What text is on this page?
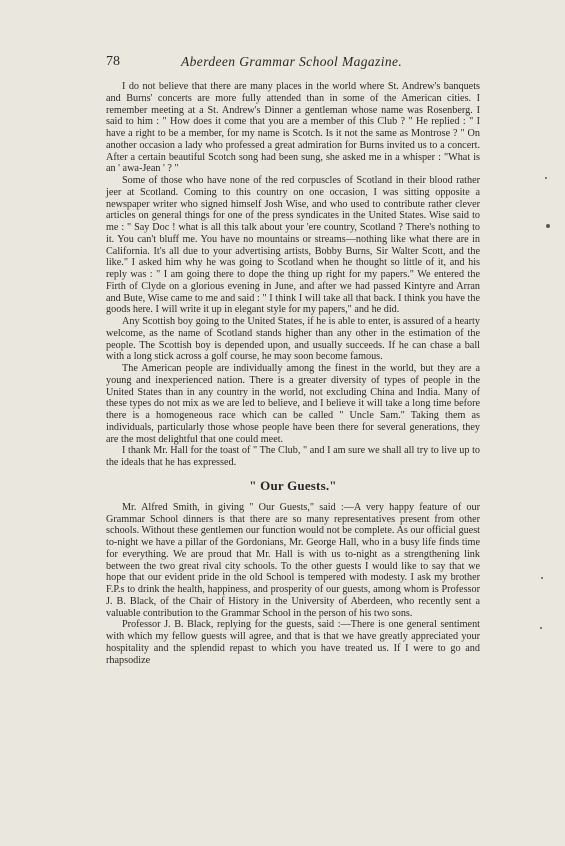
78	Aberdeen Grammar School Magazine.

I do not believe that there are many places in the world where St. Andrew's banquets and Burns' concerts are more fully attended than in some of the American cities. I remember meeting at a St. Andrew's Dinner a gentleman whose name was Rosenberg. I said to him : " How does it come that you are a member of this Club ? " He replied : " I have a right to be a member, for my name is Scotch. Is it not the same as Montrose ? " On another occasion a lady who professed a great admiration for Burns invited us to a concert. After a certain beautiful Scotch song had been sung, she asked me in a whisper : "What is an ' awa-Jean ' ? "

Some of those who have none of the red corpuscles of Scotland in their blood rather jeer at Scotland. Coming to this country on one occasion, I was sitting opposite a newspaper writer who signed himself Josh Wise, and who used to contribute rather clever articles on general things for one of the press syndicates in the United States. Wise said to me : " Say Doc ! what is all this talk about your 'ere country, Scotland ? There's nothing to it. You can't bluff me. You have no mountains or streams—nothing like what there are in California. It's all due to your advertising artists, Bobby Burns, Sir Walter Scott, and the like." I asked him why he was going to Scotland when he thought so little of it, and his reply was : " I am going there to dope the thing up right for my papers." We entered the Firth of Clyde on a glorious evening in June, and after we had passed Kintyre and Arran and Bute, Wise came to me and said : " I think I will take all that back. I think you have the goods here. I will write it up in elegant style for my papers," and he did.

Any Scottish boy going to the United States, if he is able to enter, is assured of a hearty welcome, as the name of Scotland stands higher than any other in the estimation of the people. The Scottish boy is depended upon, and usually succeeds. If he can chase a ball with a long stick across a golf course, he may soon become famous.

The American people are individually among the finest in the world, but they are a young and inexperienced nation. There is a greater diversity of types of people in the United States than in any country in the world, not excluding China and India. Many of these types do not mix as we are led to believe, and I believe it will take a long time before there is a homogeneous race which can be called " Uncle Sam." Taking them as individuals, particularly those whose people have been there for several generations, they are the most delightful that one could meet.

I thank Mr. Hall for the toast of " The Club, " and I am sure we shall all try to live up to the ideals that he has expressed.

" Our Guests."

Mr. Alfred Smith, in giving " Our Guests," said :—A very happy feature of our Grammar School dinners is that there are so many representatives present from other schools. Without these gentlemen our function would not be complete. As our official guest to-night we have a pillar of the Gordonians, Mr. George Hall, who in a busy life finds time for everything. We are proud that Mr. Hall is with us to-night as a strengthening link between the two great rival city schools. To the other guests I would like to say that we hope that our evident pride in the old School is tempered with modesty. I ask my brother F.P.s to drink the health, happiness, and prosperity of our guests, among whom is Professor J. B. Black, of the Chair of History in the University of Aberdeen, who recently sent a valuable contribution to the Grammar School in the person of his two sons.

Professor J. B. Black, replying for the guests, said :—There is one general sentiment with which my fellow guests will agree, and that is that we have greatly appreciated your hospitality and the splendid repast to which you have treated us. If I were to go and rhapsodize
